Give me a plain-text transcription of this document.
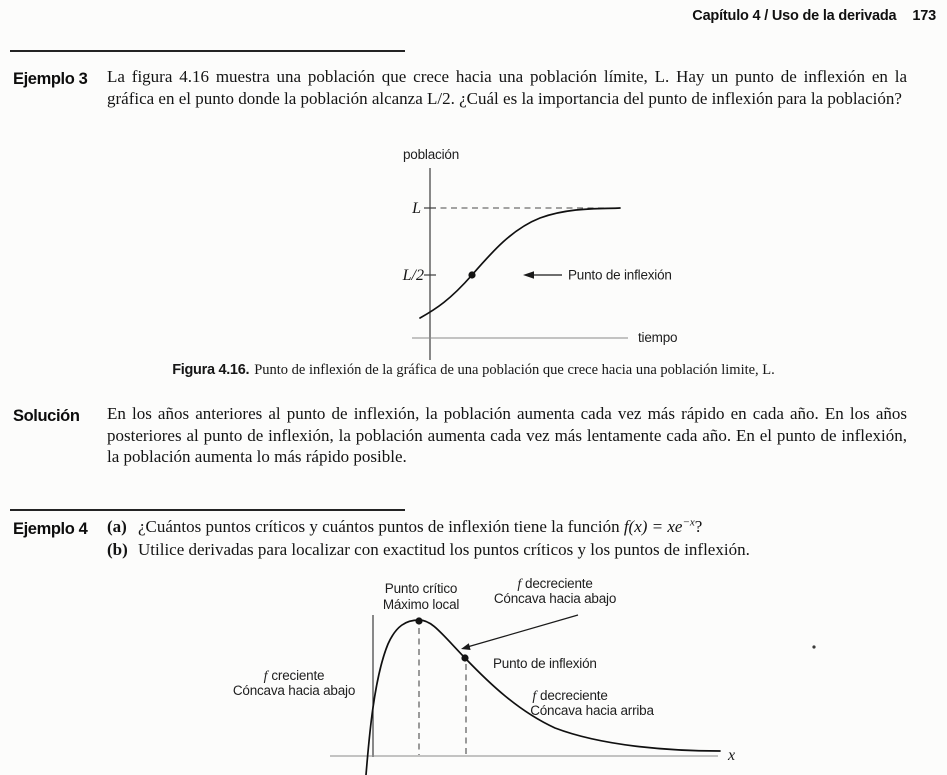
Capítulo 4 / Uso de la derivada 173
Ejemplo 3 La figura 4.16 muestra una población que crece hacia una población límite, L. Hay un punto de inflexión en la gráfica en el punto donde la población alcanza L/2. ¿Cuál es la importancia del punto de inflexión para la población?
población
tiempo
L
L/2	Punto de inflexión
Figura 4.16. Punto de inflexión de la gráfica de una población que crece hacia una población limite, L.
Solución En los años anteriores al punto de inflexión, la población aumenta cada vez más rápido en cada año. En los años posteriores al punto de inflexión, la población aumenta cada vez más lentamente cada año. En el punto de inflexión, la población aumenta lo más rápido posible.
Ejemplo 4 (a) ¿Cuántos puntos críticos y cuántos puntos de inflexión tiene la función $f(x) = xe^{-x}$?
(b) Utilice derivadas para localizar con exactitud los puntos críticos y los puntos de inflexión.
x
Punto crítico
Máximo local
f decreciente
Cóncava hacia abajo
Punto de inflexión
f creciente
Cóncava hacia abajo	f decreciente
Cóncava hacia arriba
